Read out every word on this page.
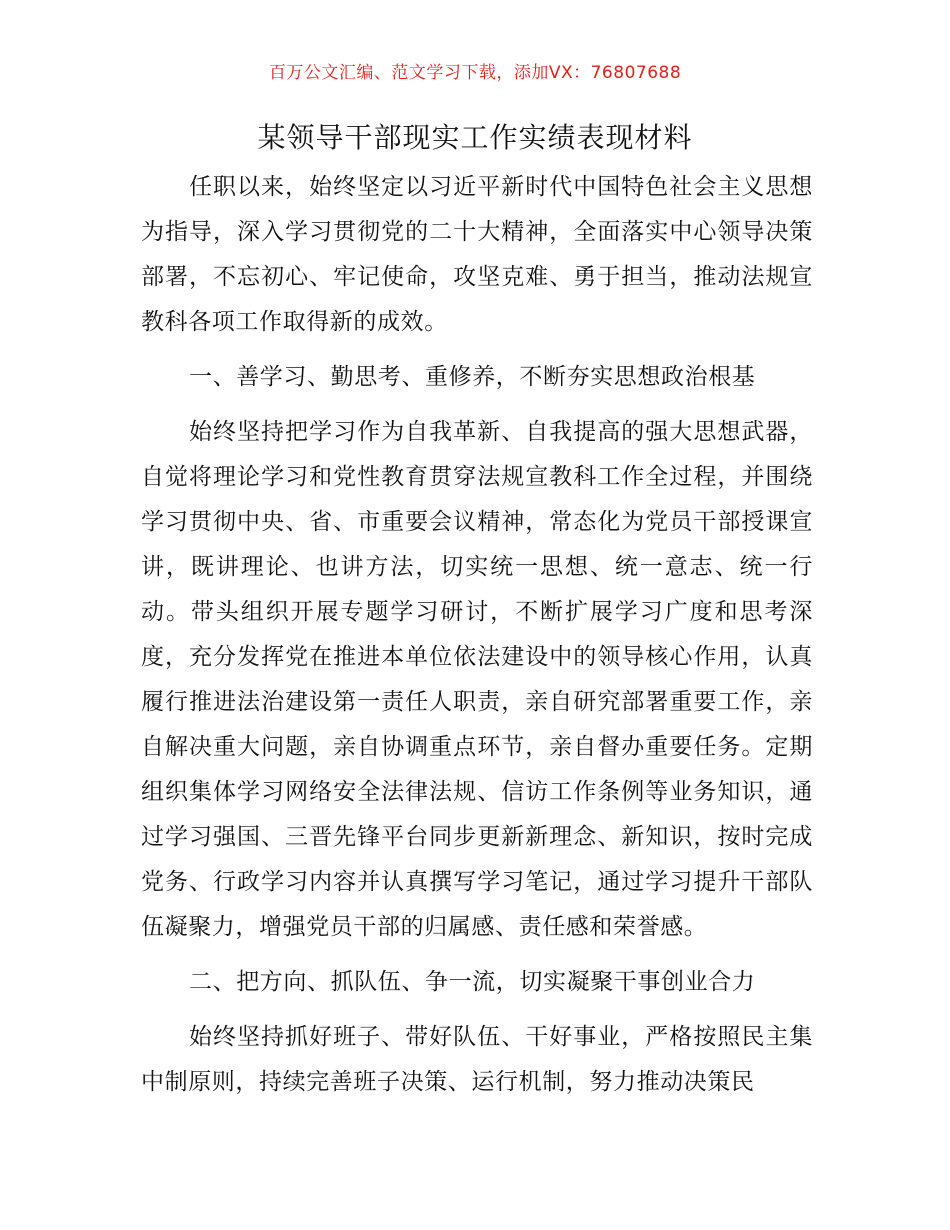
百万公文汇编、范文学习下载，添加VX：76807688
某领导干部现实工作实绩表现材料

任职以来，始终坚定以习近平新时代中国特色社会主义思想为指导，深入学习贯彻党的二十大精神，全面落实中心领导决策部署，不忘初心、牢记使命，攻坚克难、勇于担当，推动法规宣教科各项工作取得新的成效。

一、善学习、勤思考、重修养，不断夯实思想政治根基

始终坚持把学习作为自我革新、自我提高的强大思想武器，自觉将理论学习和党性教育贯穿法规宣教科工作全过程，并围绕学习贯彻中央、省、市重要会议精神，常态化为党员干部授课宣讲，既讲理论、也讲方法，切实统一思想、统一意志、统一行动。带头组织开展专题学习研讨，不断扩展学习广度和思考深度，充分发挥党在推进本单位依法建设中的领导核心作用，认真履行推进法治建设第一责任人职责，亲自研究部署重要工作，亲自解决重大问题，亲自协调重点环节，亲自督办重要任务。定期组织集体学习网络安全法律法规、信访工作条例等业务知识，通过学习强国、三晋先锋平台同步更新新理念、新知识，按时完成党务、行政学习内容并认真撰写学习笔记，通过学习提升干部队伍凝聚力，增强党员干部的归属感、责任感和荣誉感。

二、把方向、抓队伍、争一流，切实凝聚干事创业合力

始终坚持抓好班子、带好队伍、干好事业，严格按照民主集中制原则，持续完善班子决策、运行机制，努力推动决策民
